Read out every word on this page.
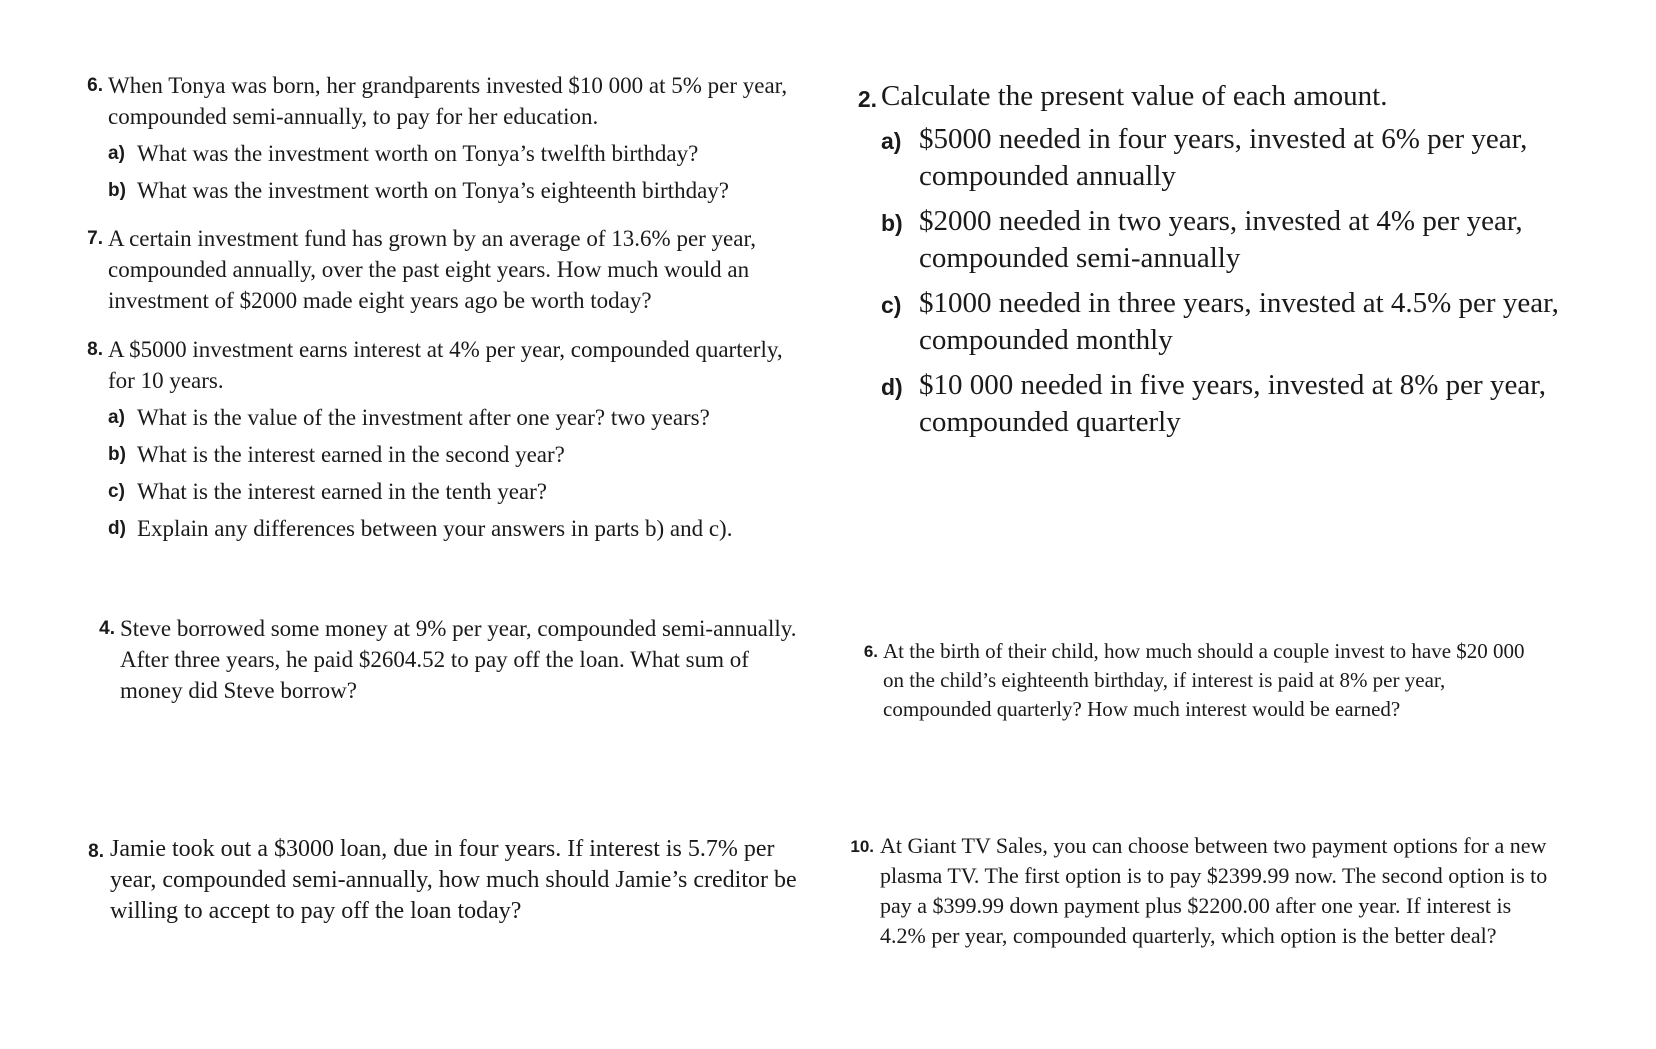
6. When Tonya was born, her grandparents invested $10 000 at 5% per year, compounded semi-annually, to pay for her education.

a) What was the investment worth on Tonya’s twelfth birthday?
b) What was the investment worth on Tonya’s eighteenth birthday?
7. A certain investment fund has grown by an average of 13.6% per year, compounded annually, over the past eight years. How much would an investment of $2000 made eight years ago be worth today?

8. A $5000 investment earns interest at 4% per year, compounded quarterly, for 10 years.

a) What is the value of the investment after one year? two years?
b) What is the interest earned in the second year?
c) What is the interest earned in the tenth year?
d) Explain any differences between your answers in parts b) and c).
2. Calculate the present value of each amount.

a) $5000 needed in four years, invested at 6% per year, compounded annually
b) $2000 needed in two years, invested at 4% per year, compounded semi-annually
c) $1000 needed in three years, invested at 4.5% per year, compounded monthly
d) $10 000 needed in five years, invested at 8% per year, compounded quarterly
4. Steve borrowed some money at 9% per year, compounded semi-annually. After three years, he paid $2604.52 to pay off the loan. What sum of money did Steve borrow?

6. At the birth of their child, how much should a couple invest to have $20 000 on the child’s eighteenth birthday, if interest is paid at 8% per year, compounded quarterly? How much interest would be earned?

8. Jamie took out a $3000 loan, due in four years. If interest is 5.7% per year, compounded semi-annually, how much should Jamie’s creditor be willing to accept to pay off the loan today?

10. At Giant TV Sales, you can choose between two payment options for a new plasma TV. The first option is to pay $2399.99 now. The second option is to pay a $399.99 down payment plus $2200.00 after one year. If interest is 4.2% per year, compounded quarterly, which option is the better deal?
